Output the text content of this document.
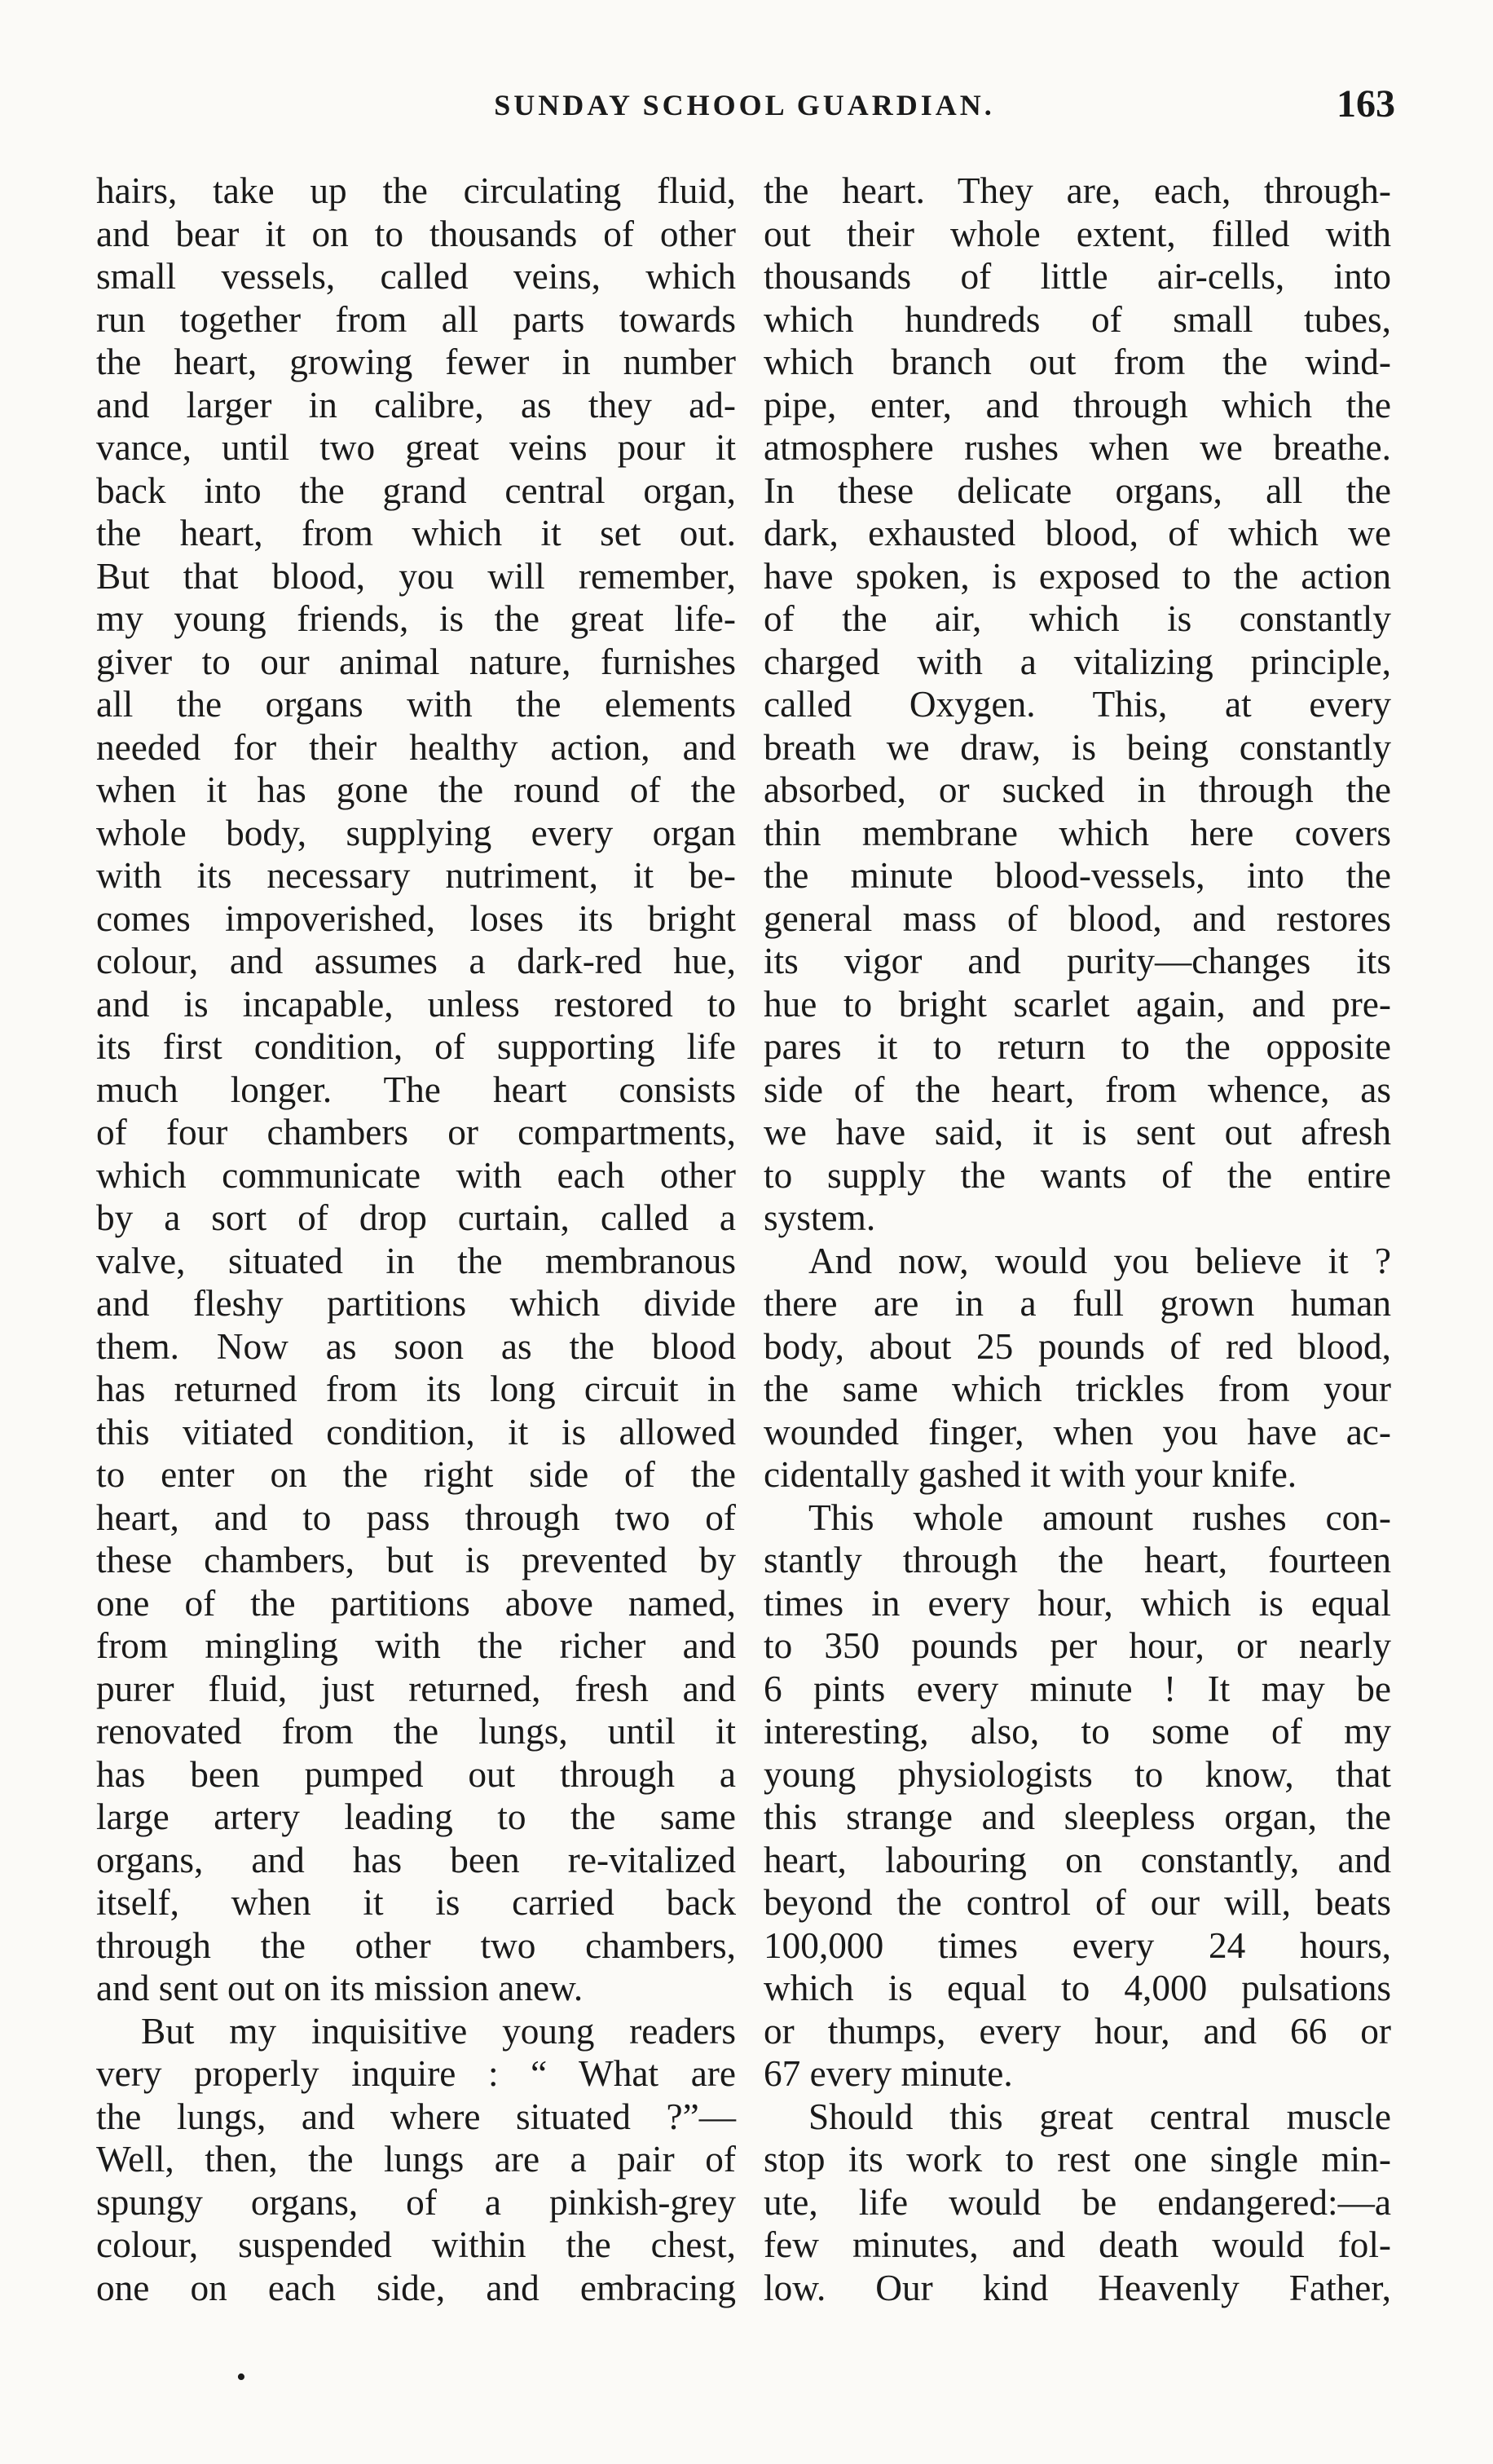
SUNDAY SCHOOL GUARDIAN.	163
hairs, take up the circulating fluid,
and bear it on to thousands of other
small vessels, called veins, which
run together from all parts towards
the heart, growing fewer in number
and larger in calibre, as they ad-
vance, until two great veins pour it
back into the grand central organ,
the heart, from which it set out.
But that blood, you will remember,
my young friends, is the great life-
giver to our animal nature, furnishes
all the organs with the elements
needed for their healthy action, and
when it has gone the round of the
whole body, supplying every organ
with its necessary nutriment, it be-
comes impoverished, loses its bright
colour, and assumes a dark-red hue,
and is incapable, unless restored to
its first condition, of supporting life
much longer. The heart consists
of four chambers or compartments,
which communicate with each other
by a sort of drop curtain, called a
valve, situated in the membranous
and fleshy partitions which divide
them. Now as soon as the blood
has returned from its long circuit in
this vitiated condition, it is allowed
to enter on the right side of the
heart, and to pass through two of
these chambers, but is prevented by
one of the partitions above named,
from mingling with the richer and
purer fluid, just returned, fresh and
renovated from the lungs, until it
has been pumped out through a
large artery leading to the same
organs, and has been re-vitalized
itself, when it is carried back
through the other two chambers,
and sent out on its mission anew.
But my inquisitive young readers
very properly inquire : “ What are
the lungs, and where situated ?”—
Well, then, the lungs are a pair of
spungy organs, of a pinkish-grey
colour, suspended within the chest,
one on each side, and embracing
the heart. They are, each, through-
out their whole extent, filled with
thousands of little air-cells, into
which hundreds of small tubes,
which branch out from the wind-
pipe, enter, and through which the
atmosphere rushes when we breathe.
In these delicate organs, all the
dark, exhausted blood, of which we
have spoken, is exposed to the action
of the air, which is constantly
charged with a vitalizing principle,
called Oxygen. This, at every
breath we draw, is being constantly
absorbed, or sucked in through the
thin membrane which here covers
the minute blood-vessels, into the
general mass of blood, and restores
its vigor and purity—changes its
hue to bright scarlet again, and pre-
pares it to return to the opposite
side of the heart, from whence, as
we have said, it is sent out afresh
to supply the wants of the entire
system.
And now, would you believe it ?
there are in a full grown human
body, about 25 pounds of red blood,
the same which trickles from your
wounded finger, when you have ac-
cidentally gashed it with your knife.
This whole amount rushes con-
stantly through the heart, fourteen
times in every hour, which is equal
to 350 pounds per hour, or nearly
6 pints every minute ! It may be
interesting, also, to some of my
young physiologists to know, that
this strange and sleepless organ, the
heart, labouring on constantly, and
beyond the control of our will, beats
100,000 times every 24 hours,
which is equal to 4,000 pulsations
or thumps, every hour, and 66 or
67 every minute.
Should this great central muscle
stop its work to rest one single min-
ute, life would be endangered:—a
few minutes, and death would fol-
low. Our kind Heavenly Father,
•
